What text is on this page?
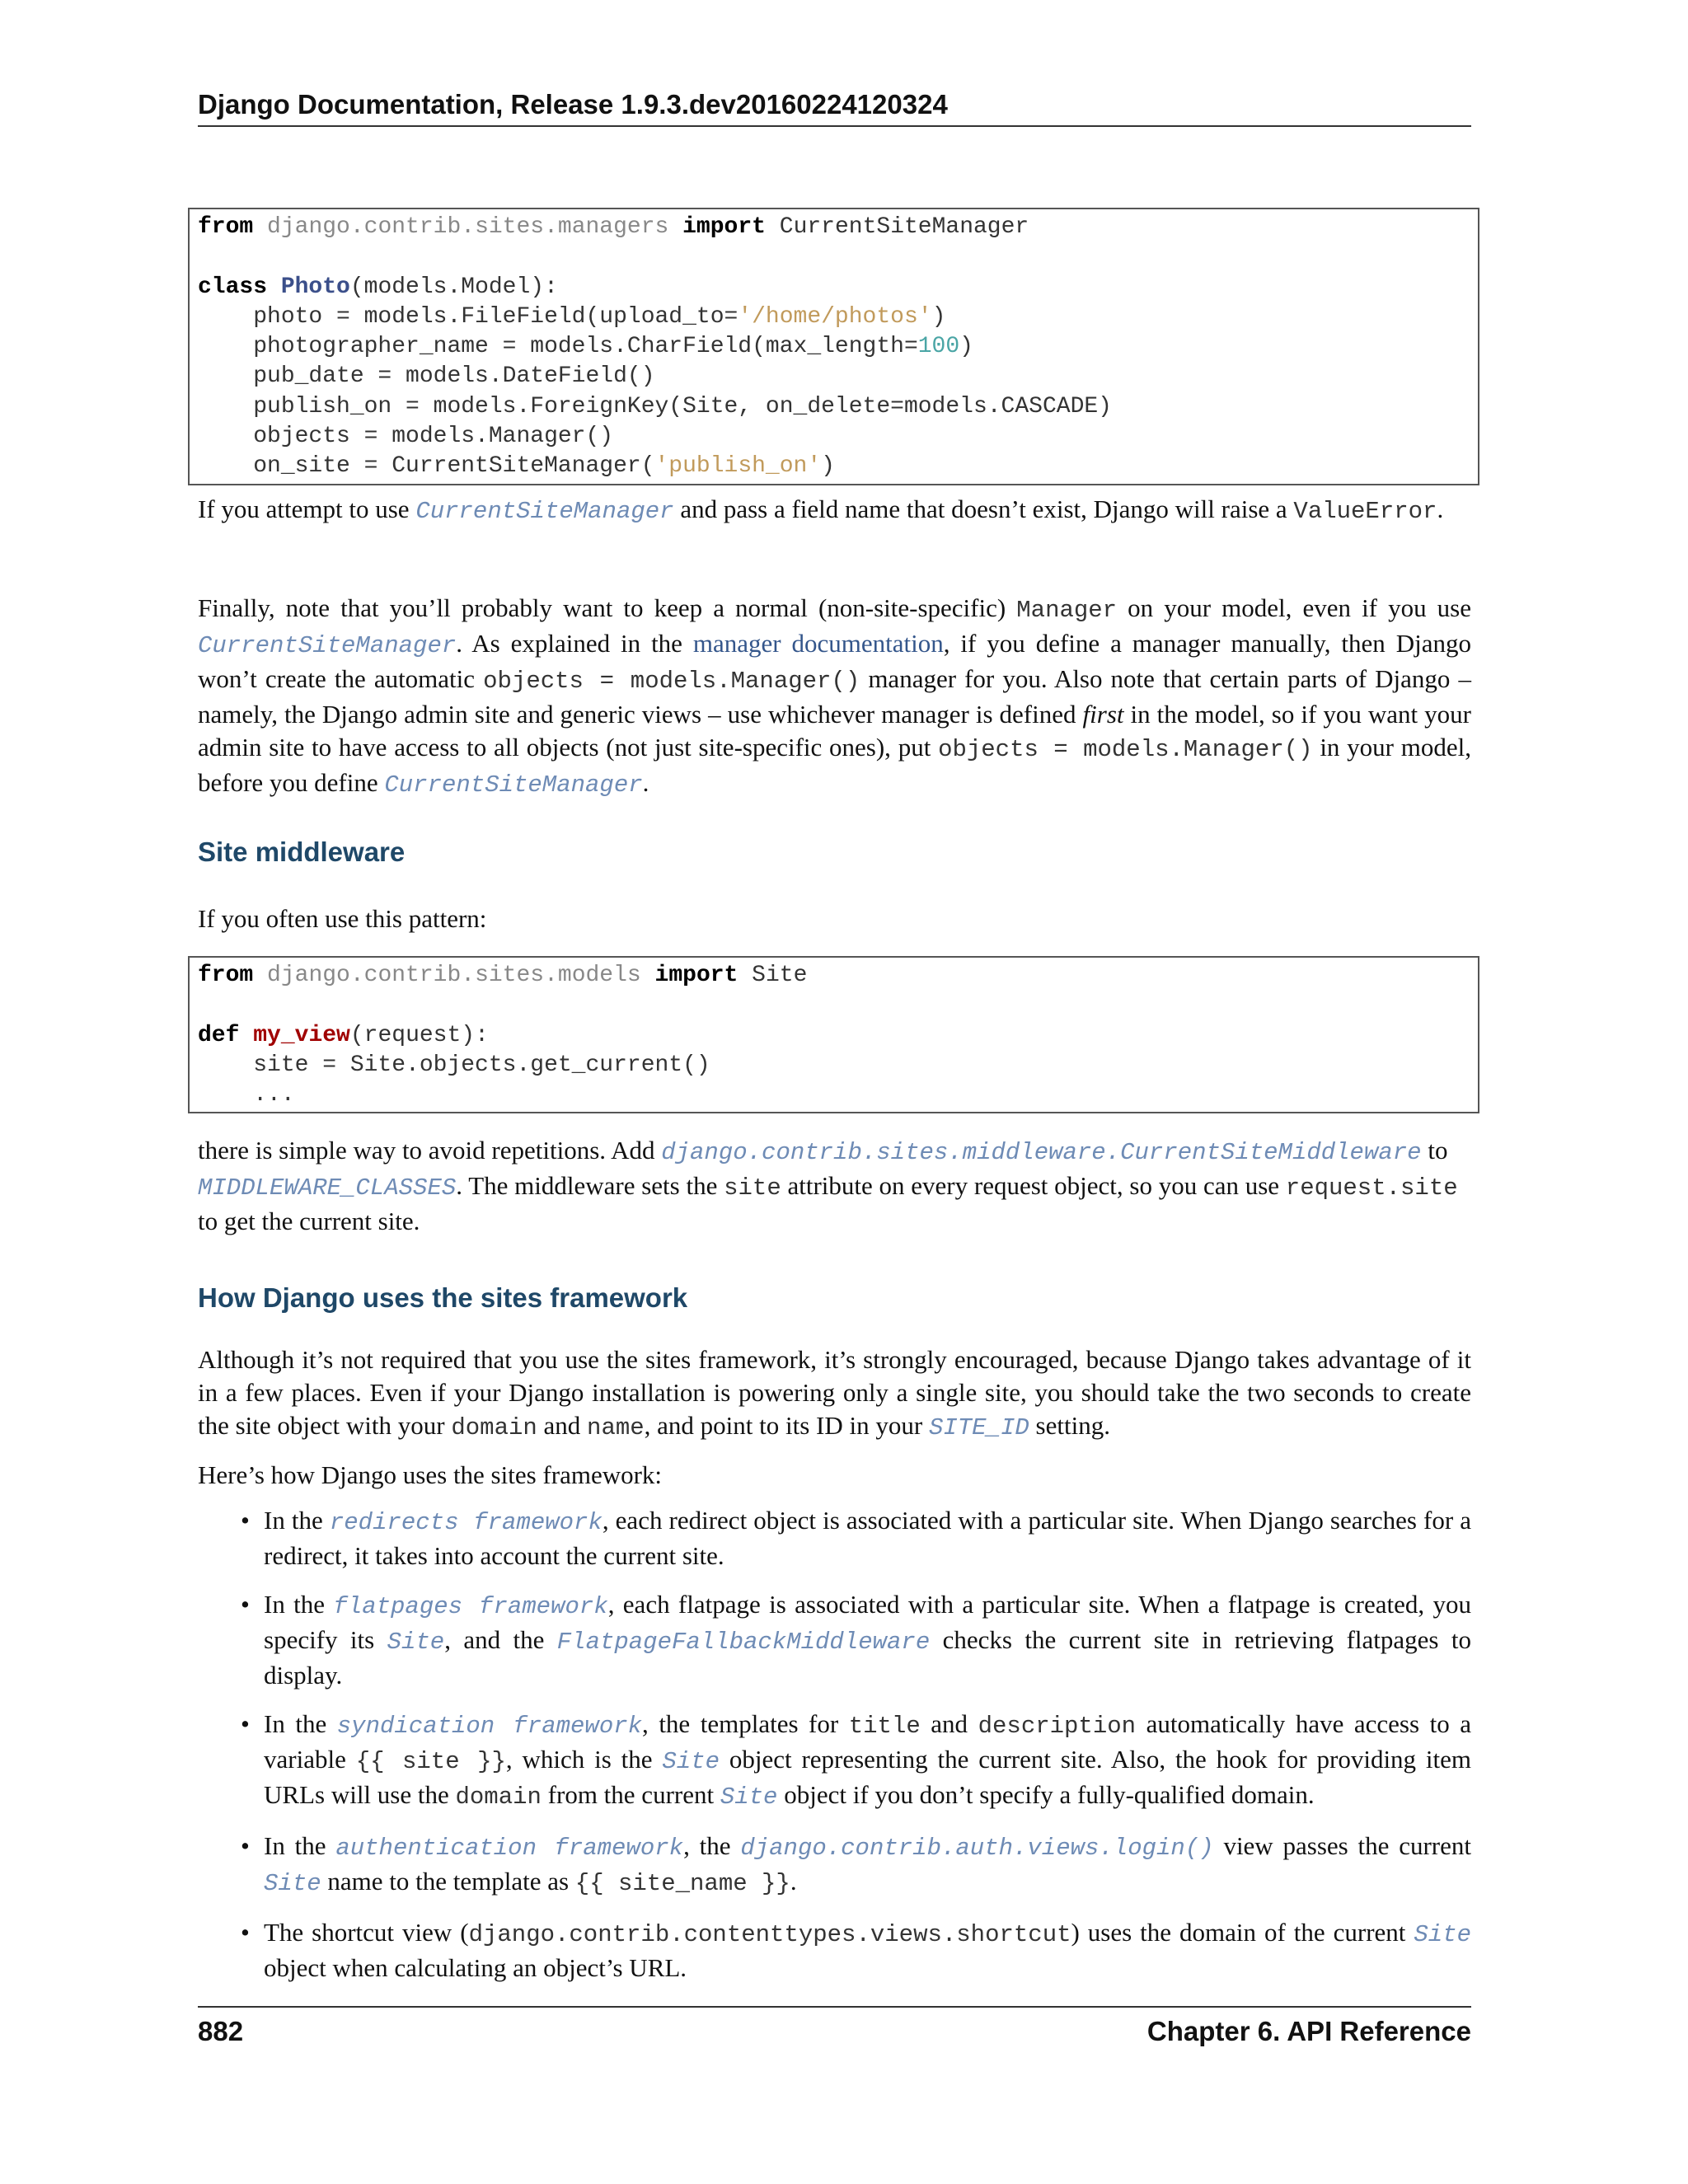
Django Documentation, Release 1.9.3.dev20160224120324
from django.contrib.sites.managers import CurrentSiteManager

class Photo(models.Model):
photo = models.FileField(upload_to='/home/photos')
photographer_name = models.CharField(max_length=100)
pub_date = models.DateField()
publish_on = models.ForeignKey(Site, on_delete=models.CASCADE)
objects = models.Manager()
on_site = CurrentSiteManager('publish_on')

If you attempt to use CurrentSiteManager and pass a field name that doesn’t exist, Django will raise a ValueError.

Finally, note that you’ll probably want to keep a normal (non-site-specific) Manager on your model, even if you use CurrentSiteManager. As explained in the manager documentation, if you define a manager manually, then Django won’t create the automatic objects = models.Manager() manager for you. Also note that certain parts of Django – namely, the Django admin site and generic views – use whichever manager is defined first in the model, so if you want your admin site to have access to all objects (not just site-specific ones), put objects = models.Manager() in your model, before you define CurrentSiteManager.

Site middleware

If you often use this pattern:

from django.contrib.sites.models import Site

def my_view(request):
site = Site.objects.get_current()
...

there is simple way to avoid repetitions. Add django.contrib.sites.middleware.CurrentSiteMiddleware to MIDDLEWARE_CLASSES. The middleware sets the site attribute on every request object, so you can use request.site to get the current site.

How Django uses the sites framework

Although it’s not required that you use the sites framework, it’s strongly encouraged, because Django takes advantage of it in a few places. Even if your Django installation is powering only a single site, you should take the two seconds to create the site object with your domain and name, and point to its ID in your SITE_ID setting.

Here’s how Django uses the sites framework:

• In the redirects framework, each redirect object is associated with a particular site. When Django searches for a redirect, it takes into account the current site.
• In the flatpages framework, each flatpage is associated with a particular site. When a flatpage is created, you specify its Site, and the FlatpageFallbackMiddleware checks the current site in retrieving flatpages to display.
• In the syndication framework, the templates for title and description automatically have access to a variable {{ site }}, which is the Site object representing the current site. Also, the hook for providing item URLs will use the domain from the current Site object if you don’t specify a fully-qualified domain.
• In the authentication framework, the django.contrib.auth.views.login() view passes the current Site name to the template as {{ site_name }}.
• The shortcut view (django.contrib.contenttypes.views.shortcut) uses the domain of the current Site object when calculating an object’s URL.
882	Chapter 6. API Reference
